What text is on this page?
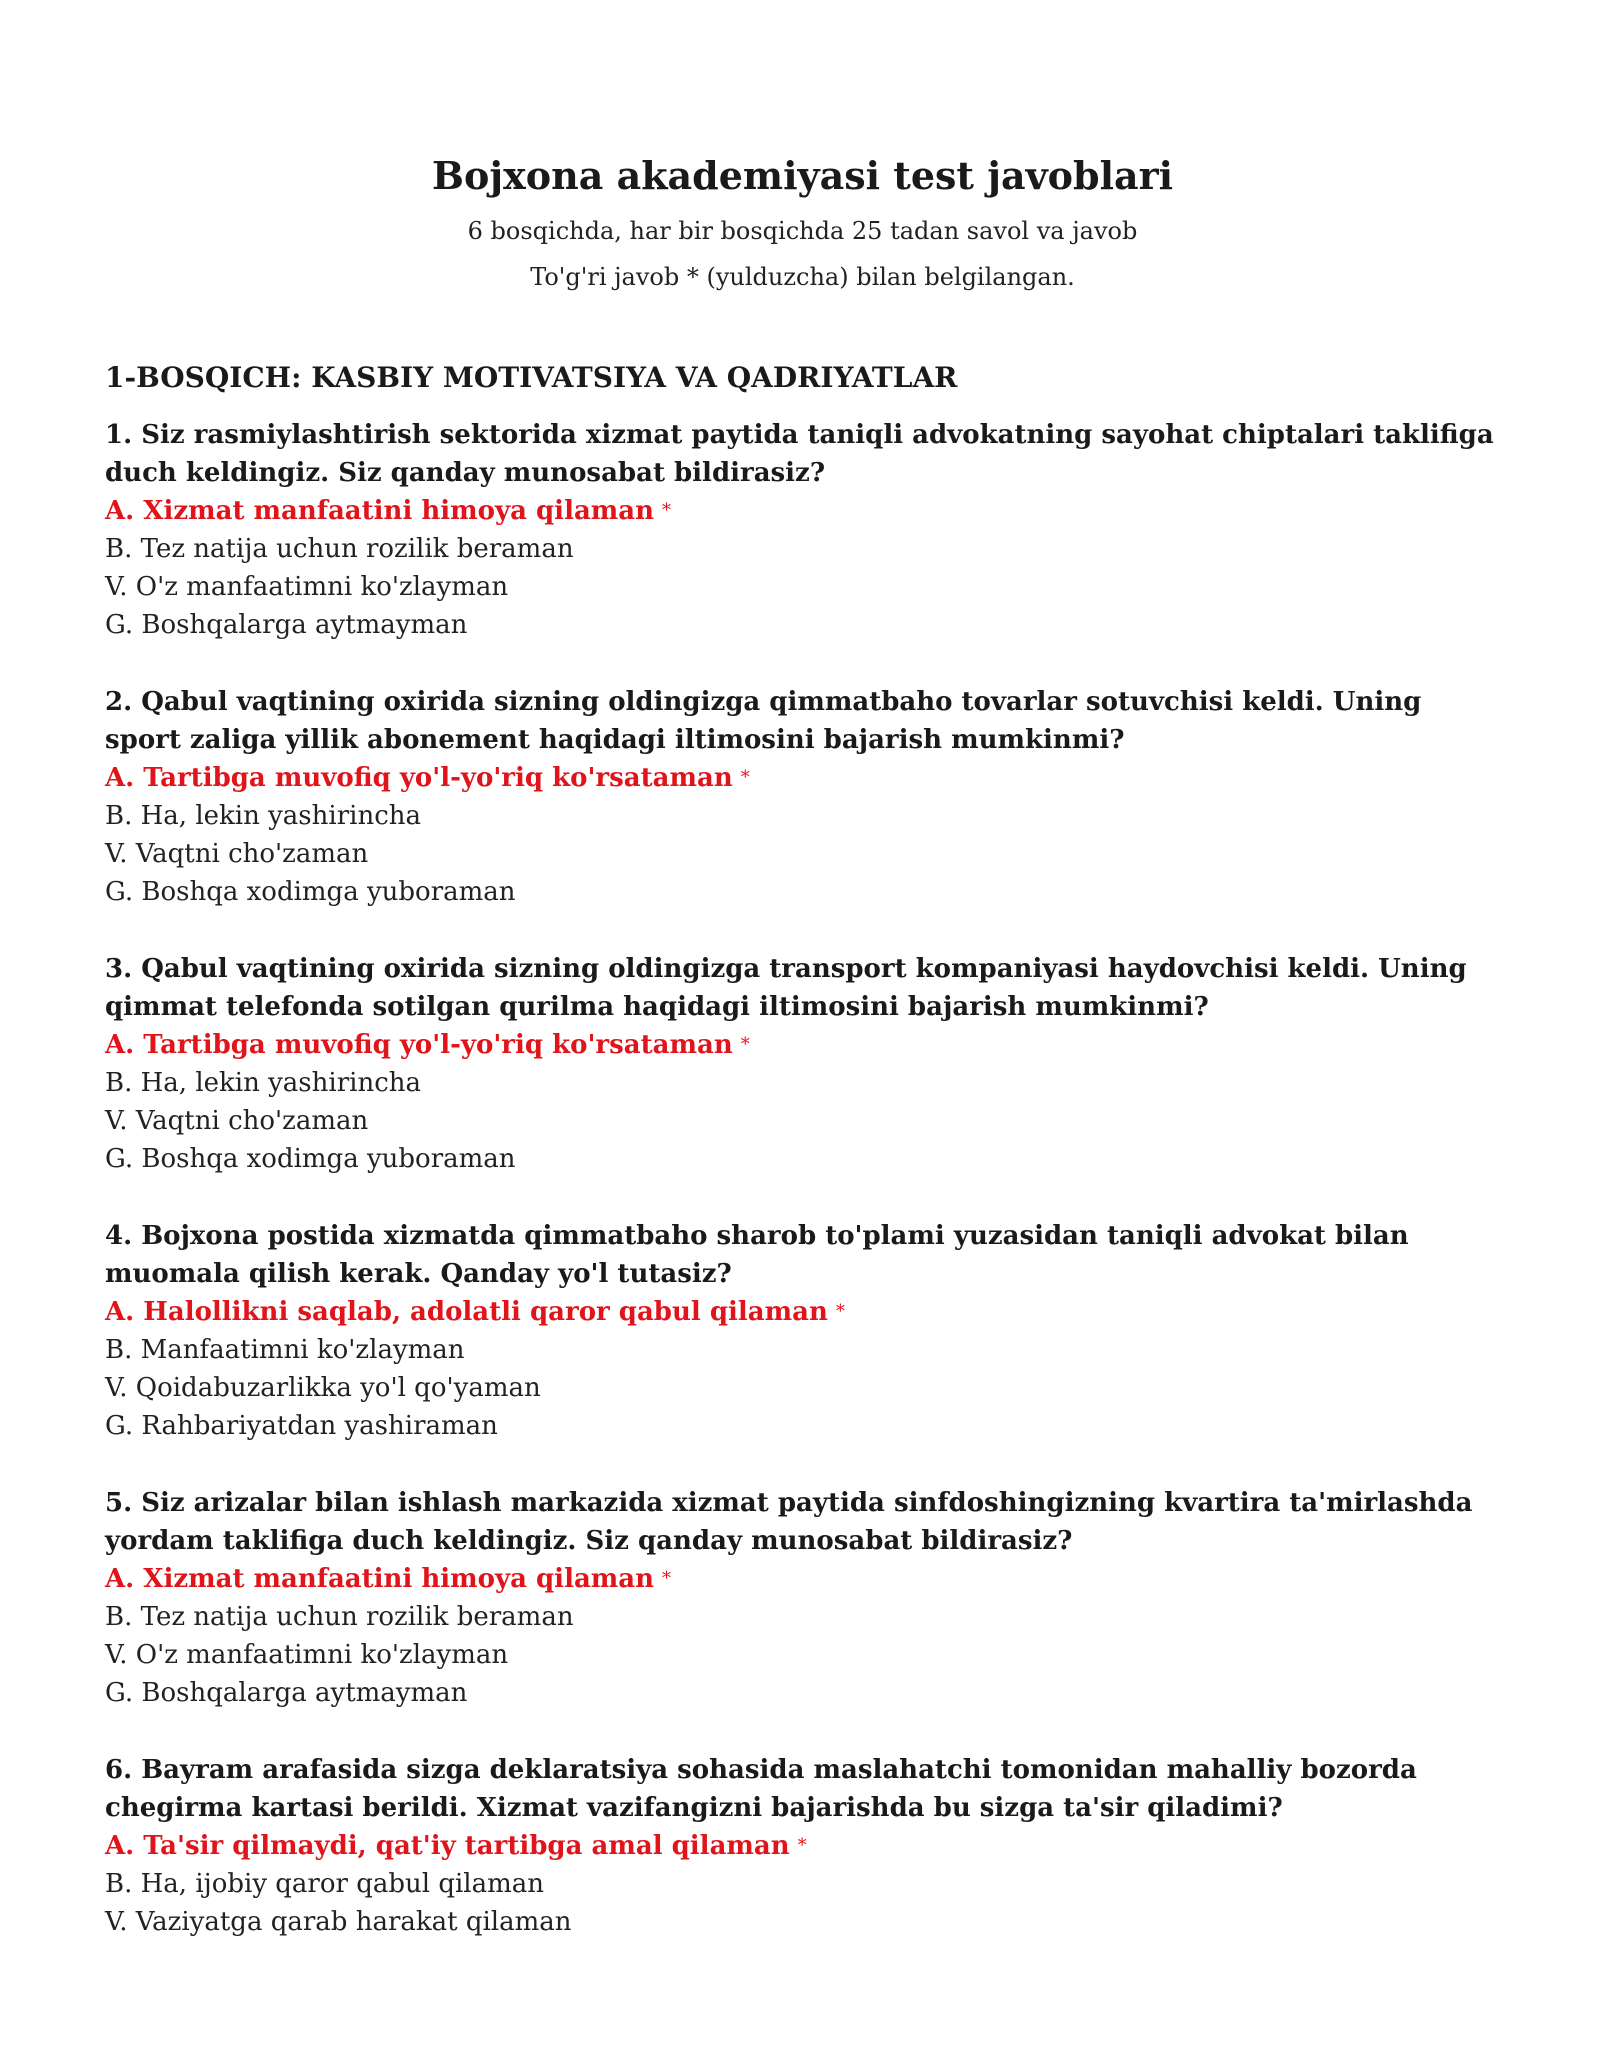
Bojxona akademiyasi test javoblari

6 bosqichda, har bir bosqichda 25 tadan savol va javob

To'g'ri javob * (yulduzcha) bilan belgilangan.

1-BOSQICH: KASBIY MOTIVATSIYA VA QADRIYATLAR

1. Siz rasmiylashtirish sektorida xizmat paytida taniqli advokatning sayohat chiptalari taklifiga duch keldingiz. Siz qanday munosabat bildirasiz?

A. Xizmat manfaatini himoya qilaman *

B. Tez natija uchun rozilik beraman

V. O'z manfaatimni ko'zlayman

G. Boshqalarga aytmayman

2. Qabul vaqtining oxirida sizning oldingizga qimmatbaho tovarlar sotuvchisi keldi. Uning sport zaliga yillik abonement haqidagi iltimosini bajarish mumkinmi?

A. Tartibga muvofiq yo'l-yo'riq ko'rsataman *

B. Ha, lekin yashirincha

V. Vaqtni cho'zaman

G. Boshqa xodimga yuboraman

3. Qabul vaqtining oxirida sizning oldingizga transport kompaniyasi haydovchisi keldi. Uning qimmat telefonda sotilgan qurilma haqidagi iltimosini bajarish mumkinmi?

A. Tartibga muvofiq yo'l-yo'riq ko'rsataman *

B. Ha, lekin yashirincha

V. Vaqtni cho'zaman

G. Boshqa xodimga yuboraman

4. Bojxona postida xizmatda qimmatbaho sharob to'plami yuzasidan taniqli advokat bilan muomala qilish kerak. Qanday yo'l tutasiz?

A. Halollikni saqlab, adolatli qaror qabul qilaman *

B. Manfaatimni ko'zlayman

V. Qoidabuzarlikka yo'l qo'yaman

G. Rahbariyatdan yashiraman

5. Siz arizalar bilan ishlash markazida xizmat paytida sinfdoshingizning kvartira ta'mirlashda yordam taklifiga duch keldingiz. Siz qanday munosabat bildirasiz?

A. Xizmat manfaatini himoya qilaman *

B. Tez natija uchun rozilik beraman

V. O'z manfaatimni ko'zlayman

G. Boshqalarga aytmayman

6. Bayram arafasida sizga deklaratsiya sohasida maslahatchi tomonidan mahalliy bozorda chegirma kartasi berildi. Xizmat vazifangizni bajarishda bu sizga ta'sir qiladimi?

A. Ta'sir qilmaydi, qat'iy tartibga amal qilaman *

B. Ha, ijobiy qaror qabul qilaman

V. Vaziyatga qarab harakat qilaman
